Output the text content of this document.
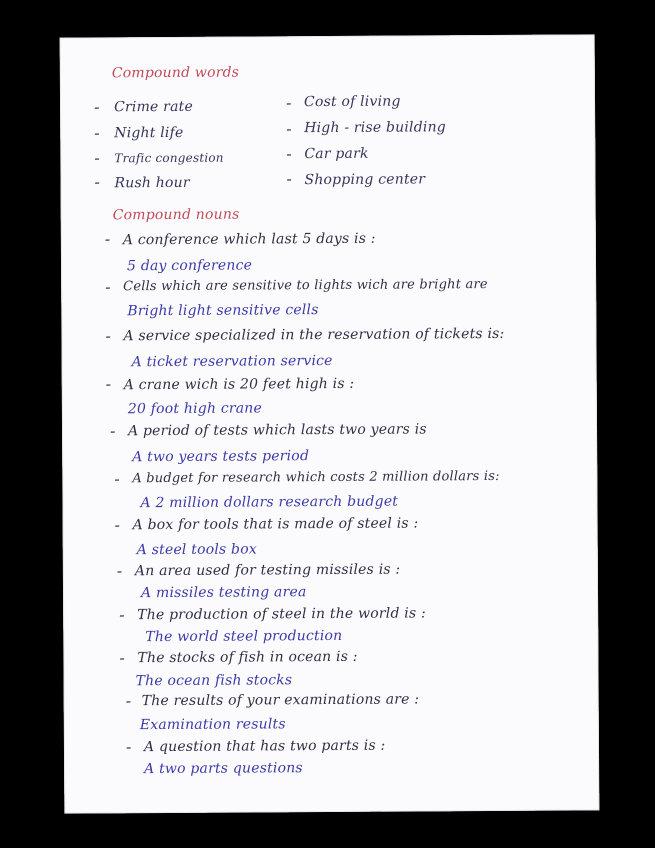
Compound words
- Crime rate
- Night life
- Trafic congestion
- Rush hour
- Cost of living
- High - rise building
- Car park
- Shopping center
Compound nouns
- A conference which last 5 days is :
5 day conference
- Cells which are sensitive to lights wich are bright are
Bright light sensitive cells
- A service specialized in the reservation of tickets is:
A ticket reservation service
- A crane wich is 20 feet high is :
20 foot high crane
- A period of tests which lasts two years is
A two years tests period
- A budget for research which costs 2 million dollars is:
A 2 million dollars research budget
- A box for tools that is made of steel is :
A steel tools box
- An area used for testing missiles is :
A missiles testing area
- The production of steel in the world is :
The world steel production
- The stocks of fish in ocean is :
The ocean fish stocks
- The results of your examinations are :
Examination results
- A question that has two parts is :
A two parts questions
